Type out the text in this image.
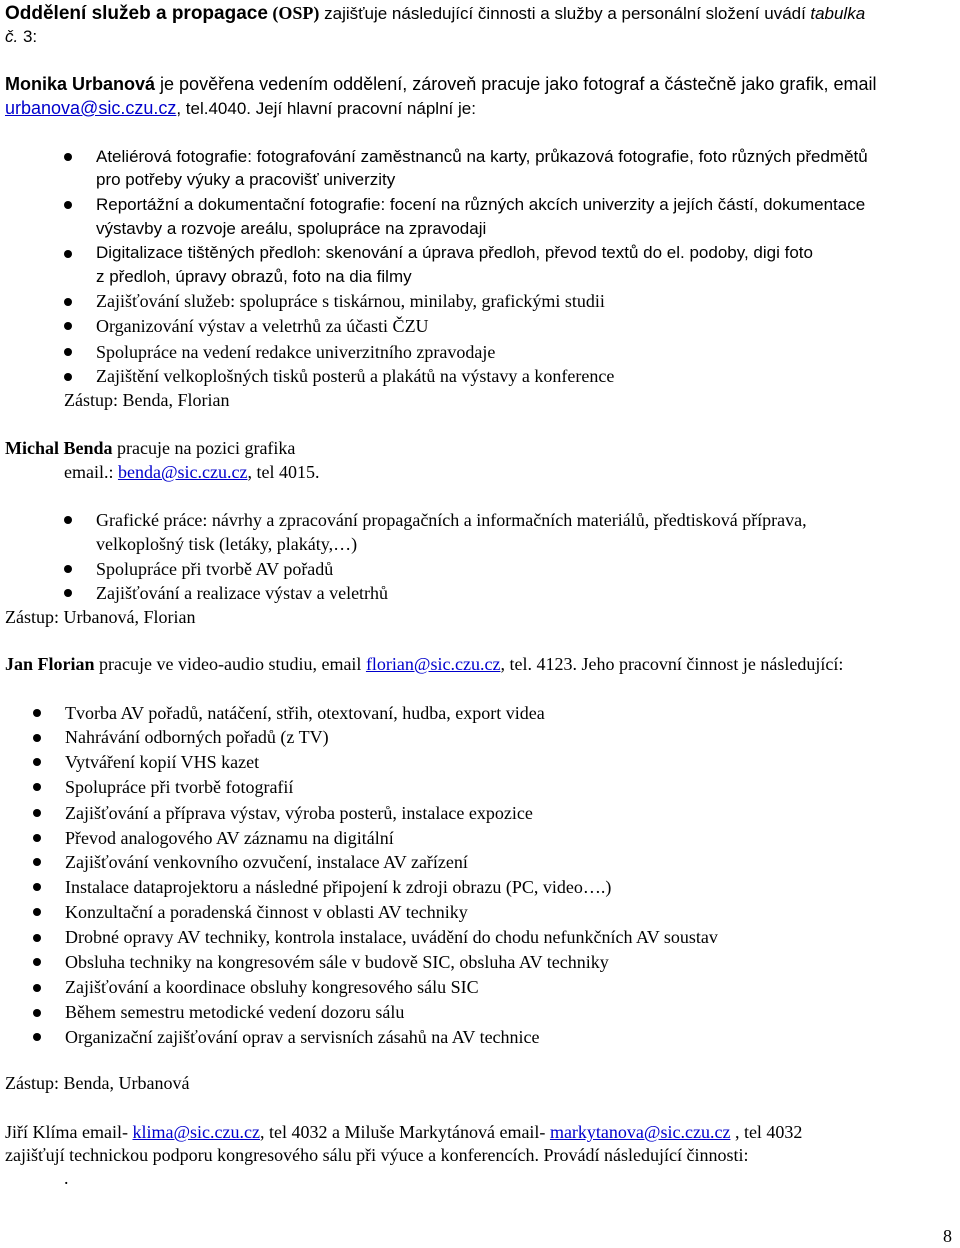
Oddělení služeb a propagace (OSP) zajišťuje následující činnosti a služby a personální složení uvádí tabulka
č. 3:
Monika Urbanová je pověřena vedením oddělení, zároveň pracuje jako fotograf a částečně jako grafik, email
urbanova@sic.czu.cz, tel.4040. Její hlavní pracovní náplní je:
Ateliérová fotografie: fotografování zaměstnanců na karty, průkazová fotografie, foto různých předmětů
pro potřeby výuky a pracovišť univerzity
Reportážní a dokumentační fotografie: focení na různých akcích univerzity a jejích částí, dokumentace
výstavby a rozvoje areálu, spolupráce na zpravodaji
Digitalizace tištěných předloh: skenování a úprava předloh, převod textů do el. podoby, digi foto
z předloh, úpravy obrazů, foto na dia filmy
Zajišťování služeb: spolupráce s tiskárnou, minilaby, grafickými studii
Organizování výstav a veletrhů za účasti ČZU
Spolupráce na vedení redakce univerzitního zpravodaje
Zajištění velkoplošných tisků posterů a plakátů na výstavy a konference
Zástup: Benda, Florian
Michal Benda pracuje na pozici grafika
email.: benda@sic.czu.cz, tel 4015.
Grafické práce: návrhy a zpracování propagačních a informačních materiálů, předtisková příprava,
velkoplošný tisk (letáky, plakáty,…)
Spolupráce při tvorbě AV pořadů
Zajišťování a realizace výstav a veletrhů
Zástup: Urbanová, Florian
Jan Florian pracuje ve video-audio studiu, email florian@sic.czu.cz, tel. 4123. Jeho pracovní činnost je následující:
Tvorba AV pořadů, natáčení, střih, otextovaní, hudba, export videa
Nahrávání odborných pořadů (z TV)
Vytváření kopií VHS kazet
Spolupráce při tvorbě fotografií
Zajišťování a příprava výstav, výroba posterů, instalace expozice
Převod analogového AV záznamu na digitální
Zajišťování venkovního ozvučení, instalace AV zařízení
Instalace dataprojektoru a následné připojení k zdroji obrazu (PC, video….)
Konzultační a poradenská činnost v oblasti AV techniky
Drobné opravy AV techniky, kontrola instalace, uvádění do chodu nefunkčních AV soustav
Obsluha techniky na kongresovém sále v budově SIC, obsluha AV techniky
Zajišťování a koordinace obsluhy kongresového sálu SIC
Během semestru metodické vedení dozoru sálu
Organizační zajišťování oprav a servisních zásahů na AV technice
Zástup: Benda, Urbanová
Jiří Klíma email- klima@sic.czu.cz, tel 4032 a Miluše Markytánová email- markytanova@sic.czu.cz , tel 4032
zajišťují technickou podporu kongresového sálu při výuce a konferencích. Provádí následující činnosti:
.
8
